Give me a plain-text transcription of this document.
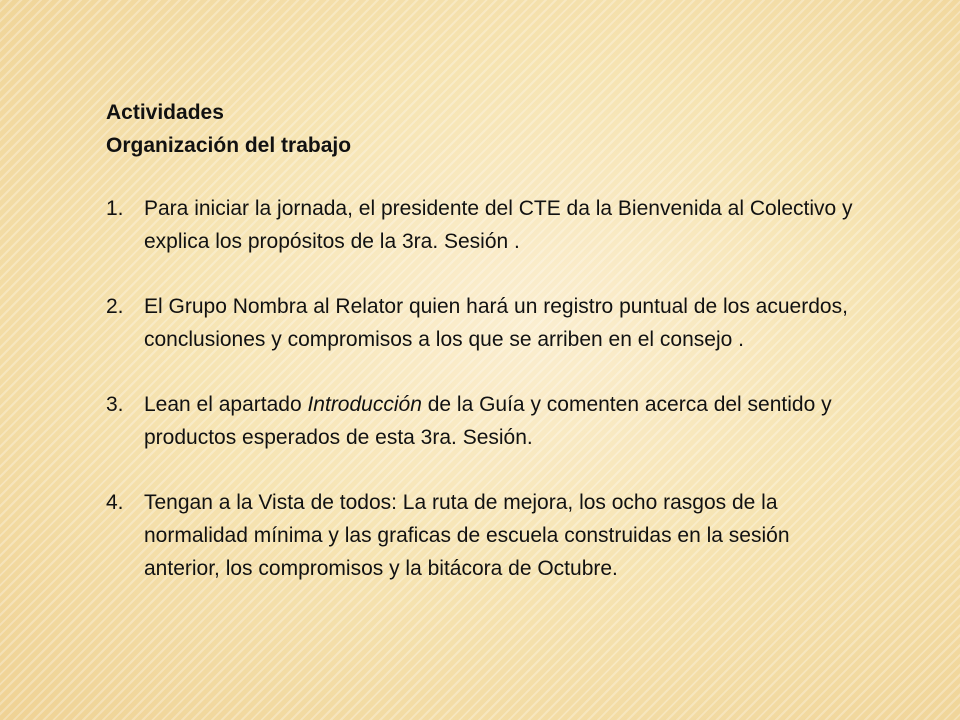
Actividades

Organización del trabajo

1. Para iniciar la jornada, el presidente del CTE da la Bienvenida al Colectivo y explica los propósitos de la 3ra. Sesión .
2. El Grupo Nombra al Relator quien hará un registro puntual de los acuerdos, conclusiones y compromisos a los que se arriben en el consejo .
3. Lean el apartado Introducción de la Guía y comenten acerca del sentido y productos esperados de esta 3ra. Sesión.
4. Tengan a la Vista de todos: La ruta de mejora, los ocho rasgos de la normalidad mínima y las graficas de escuela construidas en la sesión anterior, los compromisos y la bitácora de Octubre.
